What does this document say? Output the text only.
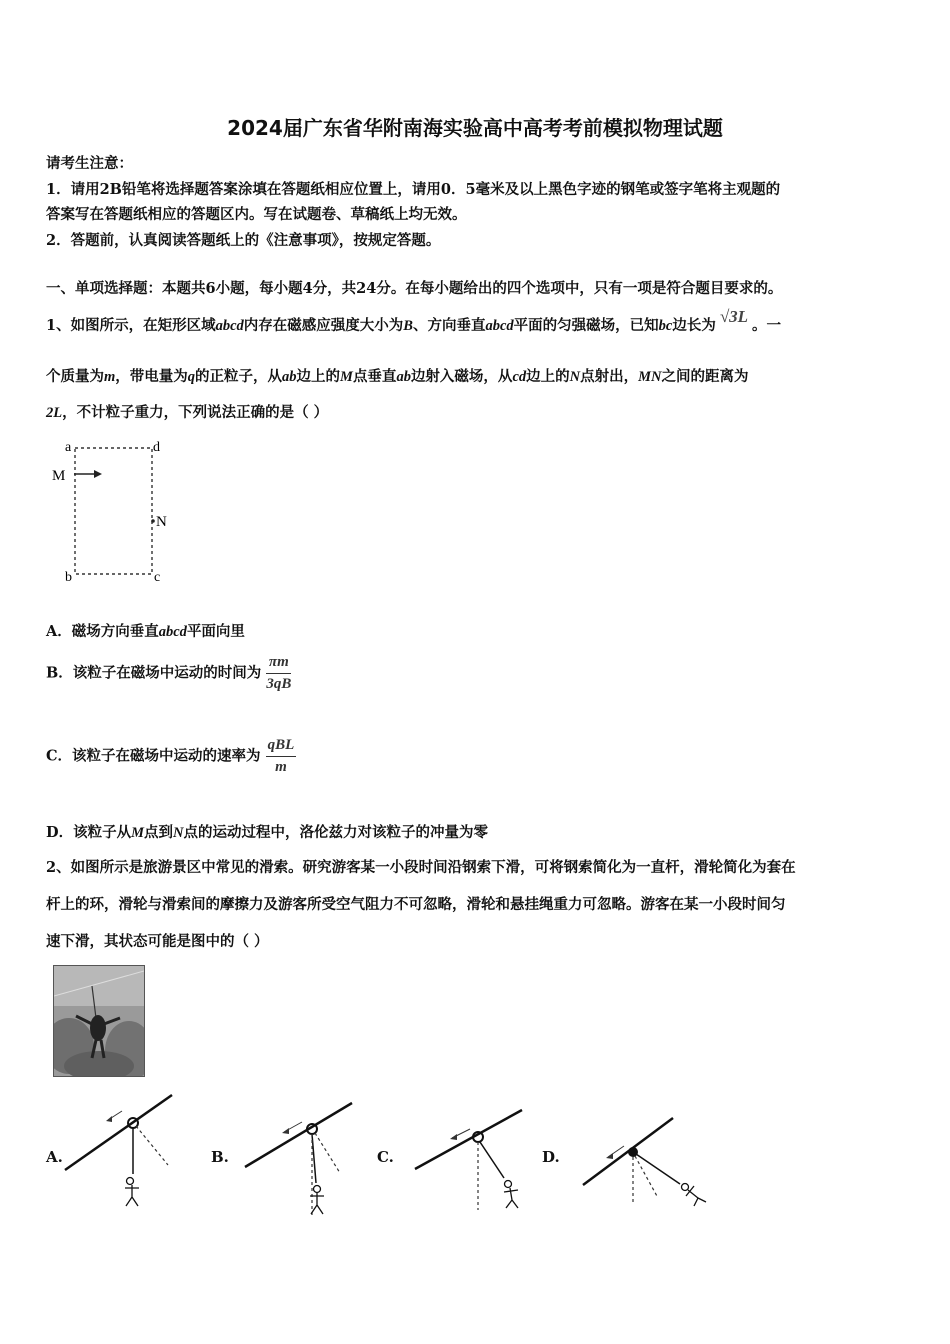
2024届广东省华附南海实验高中高考考前模拟物理试题
请考生注意：
1．请用2B铅笔将选择题答案涂填在答题纸相应位置上，请用0．5毫米及以上黑色字迹的钢笔或签字笔将主观题的
答案写在答题纸相应的答题区内。写在试题卷、草稿纸上均无效。
2．答题前，认真阅读答题纸上的《注意事项》，按规定答题。
一、单项选择题：本题共6小题，每小题4分，共24分。在每小题给出的四个选项中，只有一项是符合题目要求的。
1、如图所示，在矩形区域abcd内存在磁感应强度大小为B、方向垂直abcd平面的匀强磁场，已知bc边长为 √3L 。一
个质量为m，带电量为q的正粒子，从ab边上的M点垂直ab边射入磁场，从cd边上的N点射出，MN之间的距离为
2L，不计粒子重力，下列说法正确的是（ ）
a	d
b	c
M
N
A．磁场方向垂直abcd平面向里
B．该粒子在磁场中运动的时间为 $\frac{\pi m}{3qB}$
C．该粒子在磁场中运动的速率为 $\frac{\text{qBL}}{m}$
D．该粒子从M点到N点的运动过程中，洛伦兹力对该粒子的冲量为零
2、如图所示是旅游景区中常见的滑索。研究游客某一小段时间沿钢索下滑，可将钢索简化为一直杆，滑轮简化为套在
杆上的环，滑轮与滑索间的摩擦力及游客所受空气阻力不可忽略，滑轮和悬挂绳重力可忽略。游客在某一小段时间匀
速下滑，其状态可能是图中的（ ）
A.	B.	C.	D.
